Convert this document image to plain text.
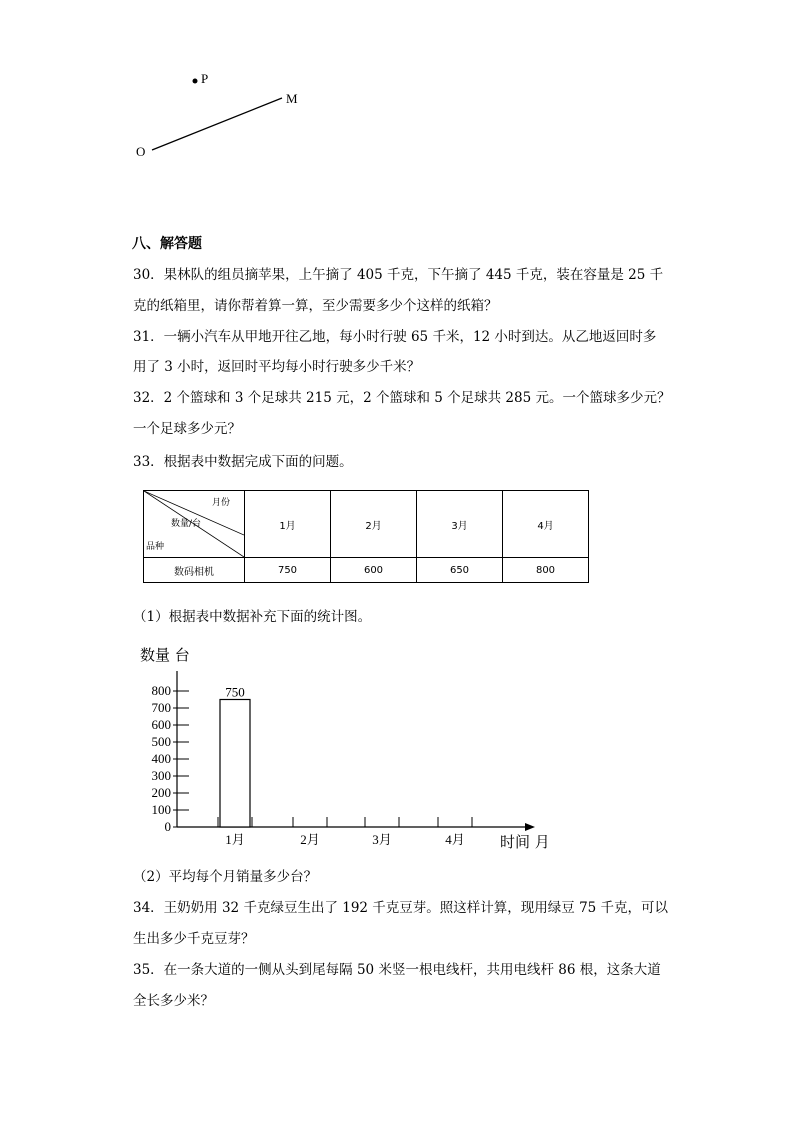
P
M
O
八、解答题
30．果林队的组员摘苹果，上午摘了 405 千克，下午摘了 445 千克，装在容量是 25 千
克的纸箱里，请你帮着算一算，至少需要多少个这样的纸箱？
31．一辆小汽车从甲地开往乙地，每小时行驶 65 千米，12 小时到达。从乙地返回时多
用了 3 小时，返回时平均每小时行驶多少千米？
32．2 个篮球和 3 个足球共 215 元，2 个篮球和 5 个足球共 285 元。一个篮球多少元？
一个足球多少元？
33．根据表中数据完成下面的问题。
月份
数量/台
品种	1月	2月	3月	4月
数码相机	750	600	650	800
（1）根据表中数据补充下面的统计图。
数量 台
时间 月
0
100
200
300
400
500
600
700
800
1月
750
2月	3月	4月
（2）平均每个月销量多少台？
34．王奶奶用 32 千克绿豆生出了 192 千克豆芽。照这样计算，现用绿豆 75 千克，可以
生出多少千克豆芽？
35．在一条大道的一侧从头到尾每隔 50 米竖一根电线杆，共用电线杆 86 根，这条大道
全长多少米？
